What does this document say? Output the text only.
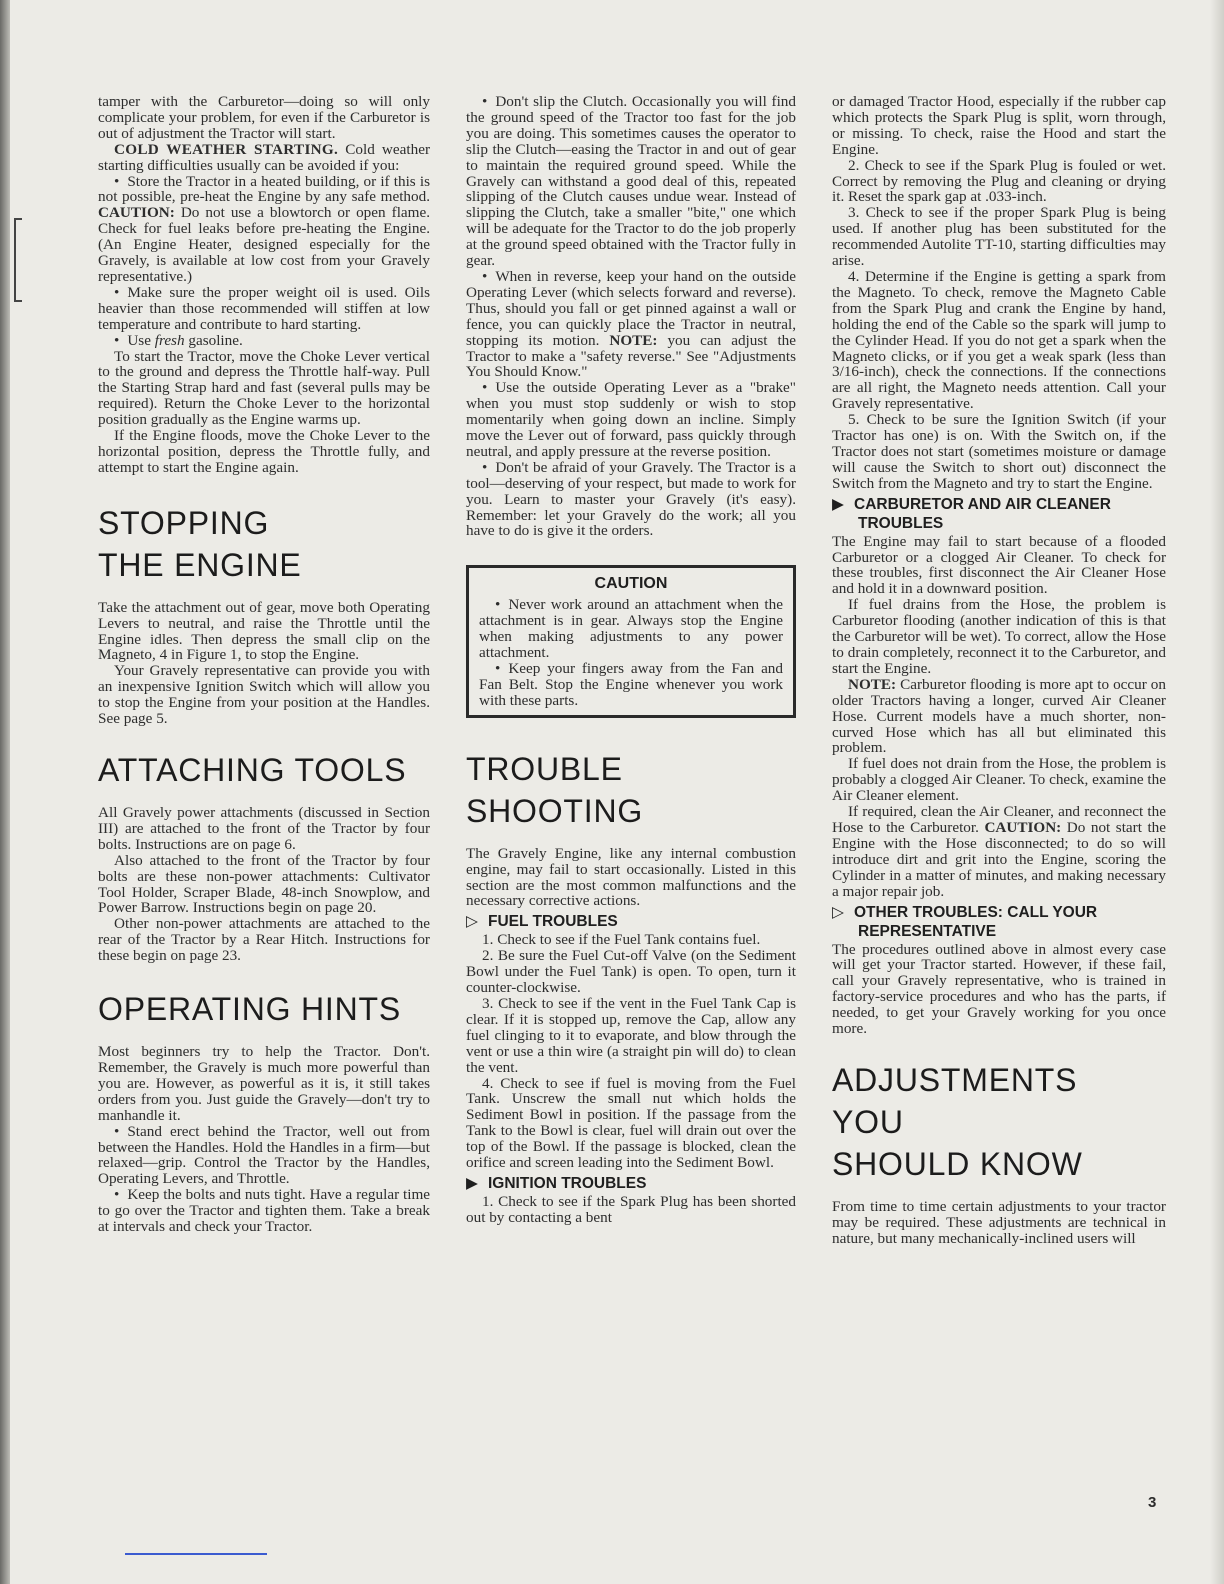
tamper with the Carburetor—doing so will only complicate your problem, for even if the Carburetor is out of adjustment the Tractor will start.

COLD WEATHER STARTING. Cold weather starting difficulties usually can be avoided if you:

• Store the Tractor in a heated building, or if this is not possible, pre-heat the Engine by any safe method. CAUTION: Do not use a blowtorch or open flame. Check for fuel leaks before pre-heating the Engine. (An Engine Heater, designed especially for the Gravely, is available at low cost from your Gravely representative.)

• Make sure the proper weight oil is used. Oils heavier than those recommended will stiffen at low temperature and contribute to hard starting.

• Use fresh gasoline.

To start the Tractor, move the Choke Lever vertical to the ground and depress the Throttle half-way. Pull the Starting Strap hard and fast (several pulls may be required). Return the Choke Lever to the horizontal position gradually as the Engine warms up.

If the Engine floods, move the Choke Lever to the horizontal position, depress the Throttle fully, and attempt to start the Engine again.

STOPPING
THE ENGINE

Take the attachment out of gear, move both Operating Levers to neutral, and raise the Throttle until the Engine idles. Then depress the small clip on the Magneto, 4 in Figure 1, to stop the Engine.

Your Gravely representative can provide you with an inexpensive Ignition Switch which will allow you to stop the Engine from your position at the Handles. See page 5.

ATTACHING TOOLS

All Gravely power attachments (discussed in Section III) are attached to the front of the Tractor by four bolts. Instructions are on page 6.

Also attached to the front of the Tractor by four bolts are these non-power attachments: Cultivator Tool Holder, Scraper Blade, 48-inch Snowplow, and Power Barrow. Instructions begin on page 20.

Other non-power attachments are attached to the rear of the Tractor by a Rear Hitch. Instructions for these begin on page 23.

OPERATING HINTS

Most beginners try to help the Tractor. Don't. Remember, the Gravely is much more powerful than you are. However, as powerful as it is, it still takes orders from you. Just guide the Gravely—don't try to manhandle it.

• Stand erect behind the Tractor, well out from between the Handles. Hold the Handles in a firm—but relaxed—grip. Control the Tractor by the Handles, Operating Levers, and Throttle.

• Keep the bolts and nuts tight. Have a regular time to go over the Tractor and tighten them. Take a break at intervals and check your Tractor.

• Don't slip the Clutch. Occasionally you will find the ground speed of the Tractor too fast for the job you are doing. This sometimes causes the operator to slip the Clutch—easing the Tractor in and out of gear to maintain the required ground speed. While the Gravely can withstand a good deal of this, repeated slipping of the Clutch causes undue wear. Instead of slipping the Clutch, take a smaller "bite," one which will be adequate for the Tractor to do the job properly at the ground speed obtained with the Tractor fully in gear.

• When in reverse, keep your hand on the outside Operating Lever (which selects forward and reverse). Thus, should you fall or get pinned against a wall or fence, you can quickly place the Tractor in neutral, stopping its motion. NOTE: you can adjust the Tractor to make a "safety reverse." See "Adjustments You Should Know."

• Use the outside Operating Lever as a "brake" when you must stop suddenly or wish to stop momentarily when going down an incline. Simply move the Lever out of forward, pass quickly through neutral, and apply pressure at the reverse position.

• Don't be afraid of your Gravely. The Tractor is a tool—deserving of your respect, but made to work for you. Learn to master your Gravely (it's easy). Remember: let your Gravely do the work; all you have to do is give it the orders.

CAUTION

• Never work around an attachment when the attachment is in gear. Always stop the Engine when making adjustments to any power attachment.

• Keep your fingers away from the Fan and Fan Belt. Stop the Engine whenever you work with these parts.

TROUBLE
SHOOTING

The Gravely Engine, like any internal combustion engine, may fail to start occasionally. Listed in this section are the most common malfunctions and the necessary corrective actions.

▷ FUEL TROUBLES

1. Check to see if the Fuel Tank contains fuel.

2. Be sure the Fuel Cut-off Valve (on the Sediment Bowl under the Fuel Tank) is open. To open, turn it counter-clockwise.

3. Check to see if the vent in the Fuel Tank Cap is clear. If it is stopped up, remove the Cap, allow any fuel clinging to it to evaporate, and blow through the vent or use a thin wire (a straight pin will do) to clean the vent.

4. Check to see if fuel is moving from the Fuel Tank. Unscrew the small nut which holds the Sediment Bowl in position. If the passage from the Tank to the Bowl is clear, fuel will drain out over the top of the Bowl. If the passage is blocked, clean the orifice and screen leading into the Sediment Bowl.

▶ IGNITION TROUBLES

1. Check to see if the Spark Plug has been shorted out by contacting a bent

or damaged Tractor Hood, especially if the rubber cap which protects the Spark Plug is split, worn through, or missing. To check, raise the Hood and start the Engine.

2. Check to see if the Spark Plug is fouled or wet. Correct by removing the Plug and cleaning or drying it. Reset the spark gap at .033-inch.

3. Check to see if the proper Spark Plug is being used. If another plug has been substituted for the recommended Autolite TT-10, starting difficulties may arise.

4. Determine if the Engine is getting a spark from the Magneto. To check, remove the Magneto Cable from the Spark Plug and crank the Engine by hand, holding the end of the Cable so the spark will jump to the Cylinder Head. If you do not get a spark when the Magneto clicks, or if you get a weak spark (less than 3/16-inch), check the connections. If the connections are all right, the Magneto needs attention. Call your Gravely representative.

5. Check to be sure the Ignition Switch (if your Tractor has one) is on. With the Switch on, if the Tractor does not start (sometimes moisture or damage will cause the Switch to short out) disconnect the Switch from the Magneto and try to start the Engine.

▶ CARBURETOR AND AIR CLEANER
TROUBLES

The Engine may fail to start because of a flooded Carburetor or a clogged Air Cleaner. To check for these troubles, first disconnect the Air Cleaner Hose and hold it in a downward position.

If fuel drains from the Hose, the problem is Carburetor flooding (another indication of this is that the Carburetor will be wet). To correct, allow the Hose to drain completely, reconnect it to the Carburetor, and start the Engine.

NOTE: Carburetor flooding is more apt to occur on older Tractors having a longer, curved Air Cleaner Hose. Current models have a much shorter, non-curved Hose which has all but eliminated this problem.

If fuel does not drain from the Hose, the problem is probably a clogged Air Cleaner. To check, examine the Air Cleaner element.

If required, clean the Air Cleaner, and reconnect the Hose to the Carburetor. CAUTION: Do not start the Engine with the Hose disconnected; to do so will introduce dirt and grit into the Engine, scoring the Cylinder in a matter of minutes, and making necessary a major repair job.

▷ OTHER TROUBLES: CALL YOUR
REPRESENTATIVE

The procedures outlined above in almost every case will get your Tractor started. However, if these fail, call your Gravely representative, who is trained in factory-service procedures and who has the parts, if needed, to get your Gravely working for you once more.

ADJUSTMENTS
YOU
SHOULD KNOW

From time to time certain adjustments to your tractor may be required. These adjustments are technical in nature, but many mechanically-inclined users will

3
